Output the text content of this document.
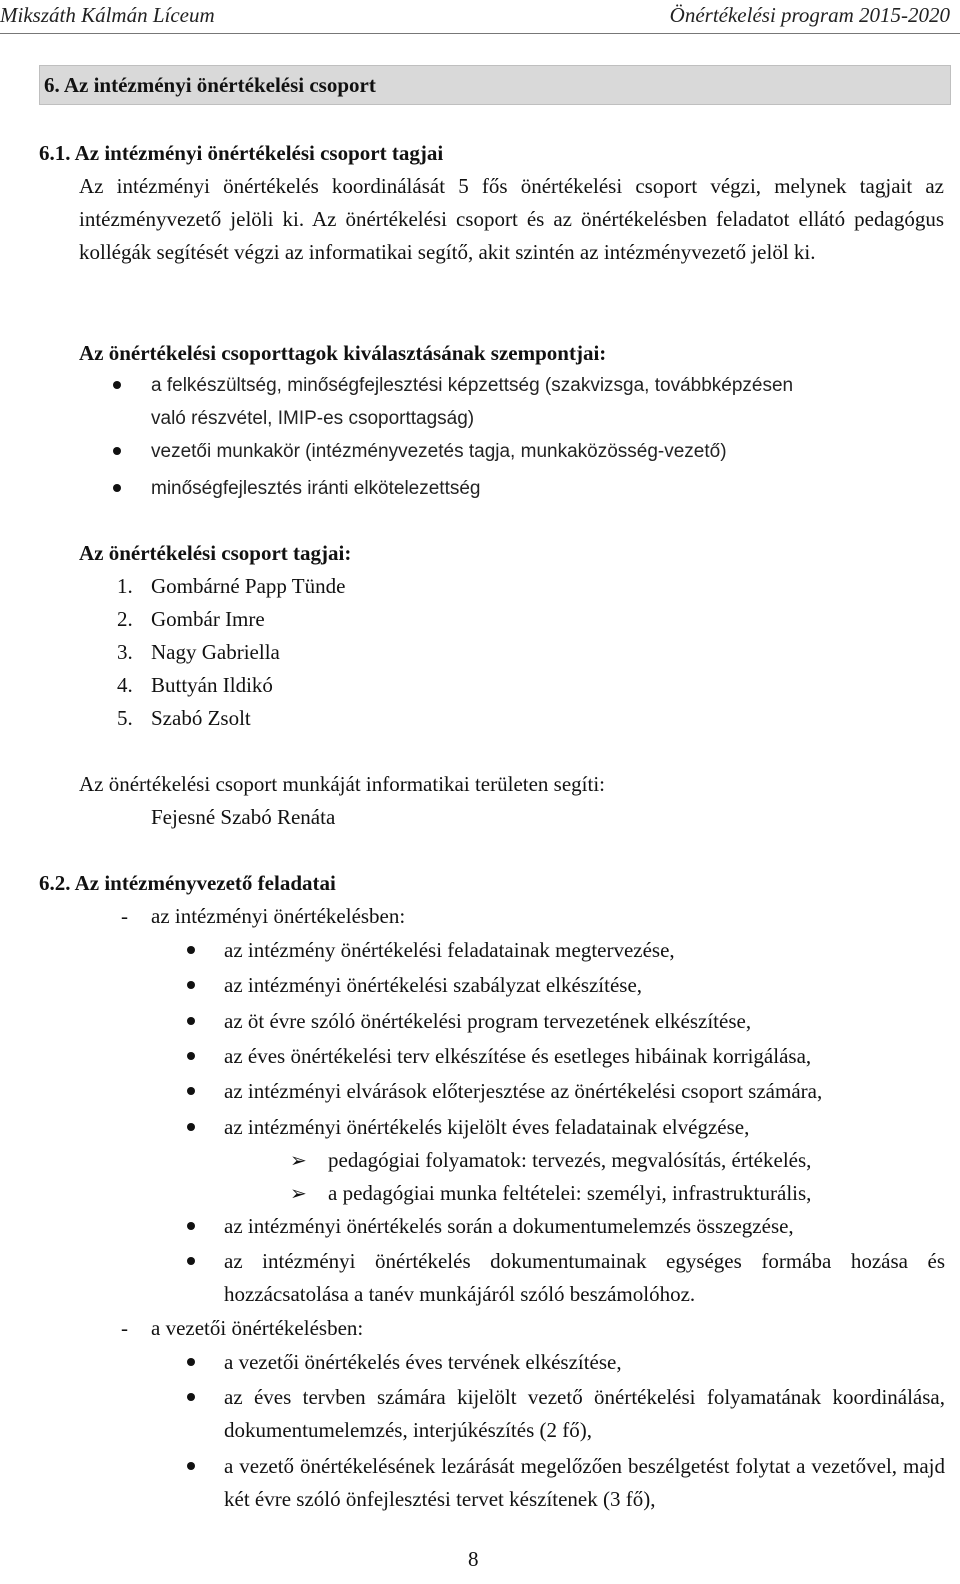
Mikszáth Kálmán Líceum	Önértékelési program 2015-2020
6. Az intézményi önértékelési csoport
6.1. Az intézményi önértékelési csoport tagjai
Az intézményi önértékelés koordinálását 5 fős önértékelési csoport végzi, melynek tagjait az intézményvezető jelöli ki. Az önértékelési csoport és az önértékelésben feladatot ellátó pedagógus kollégák segítését végzi az informatikai segítő, akit szintén az intézményvezető jelöl ki.
Az önértékelési csoporttagok kiválasztásának szempontjai:
a felkészültség, minőségfejlesztési képzettség (szakvizsga, továbbképzésen
való részvétel, IMIP-es csoporttagság)
vezetői munkakör (intézményvezetés tagja, munkaközösség-vezető)
minőségfejlesztés iránti elkötelezettség
Az önértékelési csoport tagjai:
1. Gombárné Papp Tünde
2. Gombár Imre
3. Nagy Gabriella
4. Buttyán Ildikó
5. Szabó Zsolt
Az önértékelési csoport munkáját informatikai területen segíti:
Fejesné Szabó Renáta
6.2. Az intézményvezető feladatai
- az intézményi önértékelésben:
az intézmény önértékelési feladatainak megtervezése,
az intézményi önértékelési szabályzat elkészítése,
az öt évre szóló önértékelési program tervezetének elkészítése,
az éves önértékelési terv elkészítése és esetleges hibáinak korrigálása,
az intézményi elvárások előterjesztése az önértékelési csoport számára,
az intézményi önértékelés kijelölt éves feladatainak elvégzése,
➢ pedagógiai folyamatok: tervezés, megvalósítás, értékelés,
➢ a pedagógiai munka feltételei: személyi, infrastrukturális,
az intézményi önértékelés során a dokumentumelemzés összegzése,
az intézményi önértékelés dokumentumainak egységes formába hozása és hozzácsatolása a tanév munkájáról szóló beszámolóhoz.
- a vezetői önértékelésben:
a vezetői önértékelés éves tervének elkészítése,
az éves tervben számára kijelölt vezető önértékelési folyamatának koordinálása, dokumentumelemzés, interjúkészítés (2 fő),
a vezető önértékelésének lezárását megelőzően beszélgetést folytat a vezetővel, majd két évre szóló önfejlesztési tervet készítenek (3 fő),
8
